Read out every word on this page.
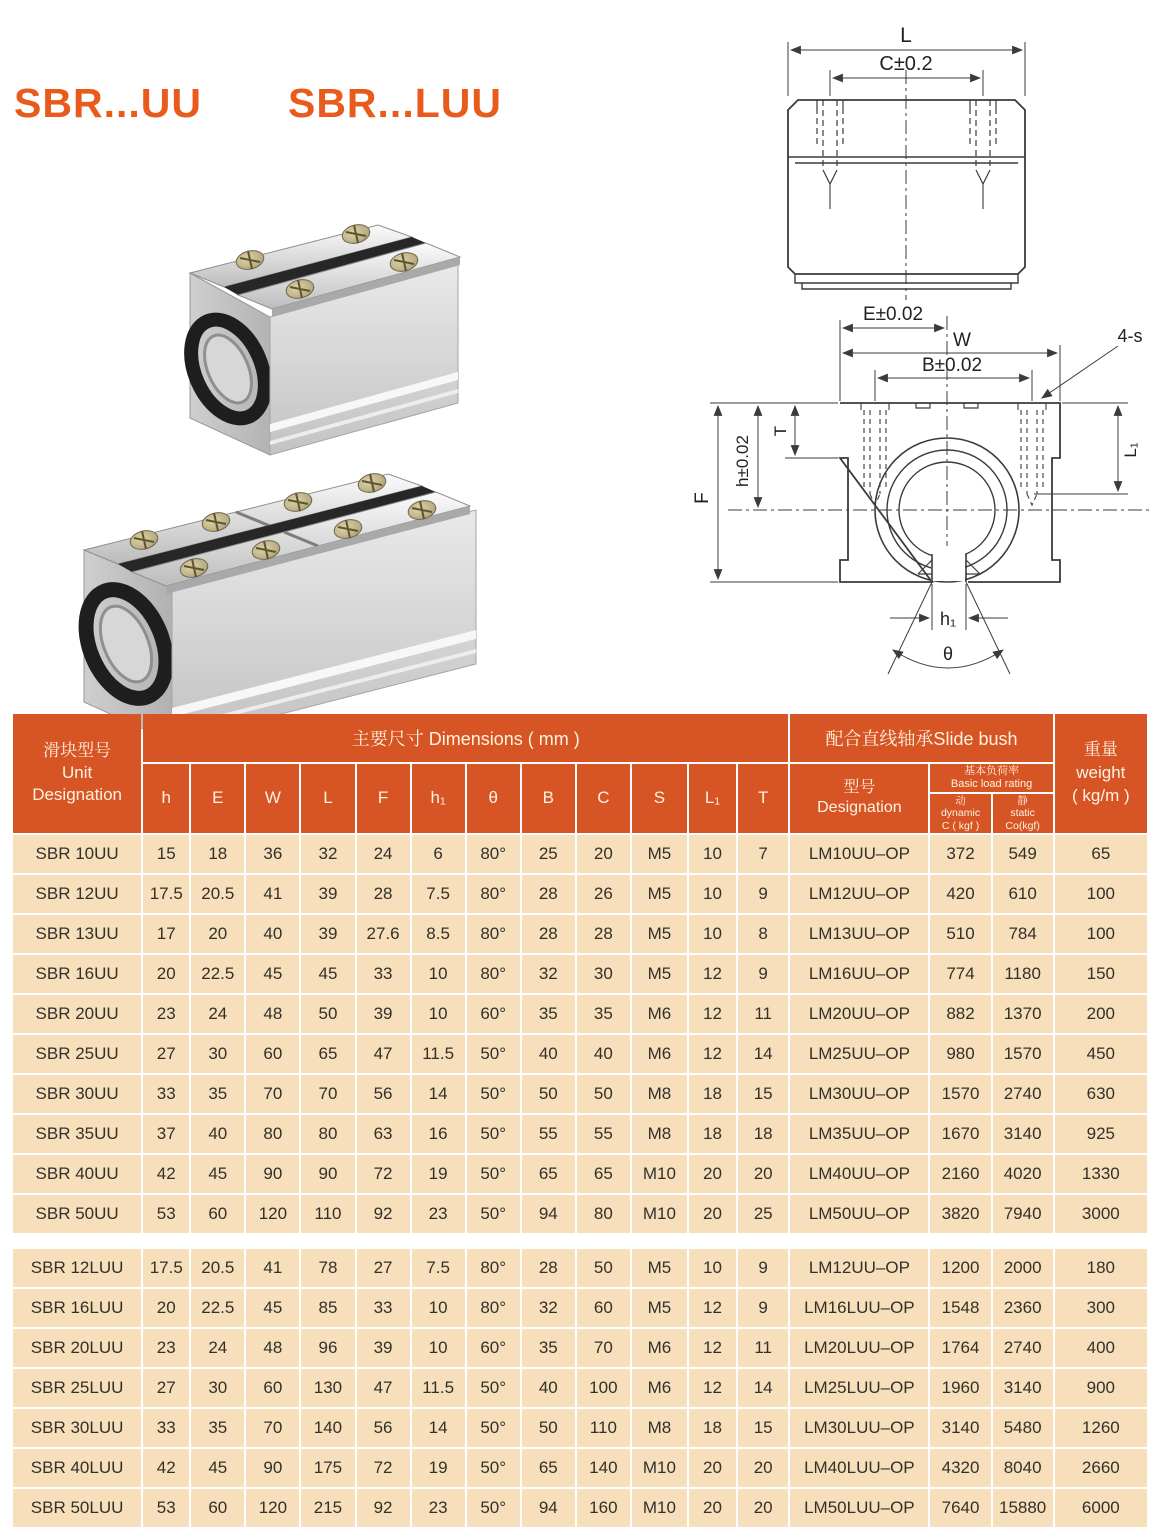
SBR...UU SBR...LUU
L
C±0.2
E±0.02
W
B±0.02
4-s
F
h±0.02
T
L₁
h₁
θ
滑块型号
Unit
Designation	主要尺寸 Dimensions ( mm )												配合直线轴承Slide bush			重量
weight
( kg/m )

	h	E	W	L	F	h₁	θ	B	C	S	L₁	T	型号
Designation	基本负荷率
Basic load rating		

														动
dynamic
C ( kgf )	静
static
Co(kgf)	

SBR 10UU	15	18	36	32	24	6	80°	25	20	M5	10	7	LM10UU–OP	372	549	65
SBR 12UU	17.5	20.5	41	39	28	7.5	80°	28	26	M5	10	9	LM12UU–OP	420	610	100
SBR 13UU	17	20	40	39	27.6	8.5	80°	28	28	M5	10	8	LM13UU–OP	510	784	100
SBR 16UU	20	22.5	45	45	33	10	80°	32	30	M5	12	9	LM16UU–OP	774	1180	150
SBR 20UU	23	24	48	50	39	10	60°	35	35	M6	12	11	LM20UU–OP	882	1370	200
SBR 25UU	27	30	60	65	47	11.5	50°	40	40	M6	12	14	LM25UU–OP	980	1570	450
SBR 30UU	33	35	70	70	56	14	50°	50	50	M8	18	15	LM30UU–OP	1570	2740	630
SBR 35UU	37	40	80	80	63	16	50°	55	55	M8	18	18	LM35UU–OP	1670	3140	925
SBR 40UU	42	45	90	90	72	19	50°	65	65	M10	20	20	LM40UU–OP	2160	4020	1330
SBR 50UU	53	60	120	110	92	23	50°	94	80	M10	20	25	LM50UU–OP	3820	7940	3000

SBR 12LUU	17.5	20.5	41	78	27	7.5	80°	28	50	M5	10	9	LM12UU–OP	1200	2000	180
SBR 16LUU	20	22.5	45	85	33	10	80°	32	60	M5	12	9	LM16LUU–OP	1548	2360	300
SBR 20LUU	23	24	48	96	39	10	60°	35	70	M6	12	11	LM20LUU–OP	1764	2740	400
SBR 25LUU	27	30	60	130	47	11.5	50°	40	100	M6	12	14	LM25LUU–OP	1960	3140	900
SBR 30LUU	33	35	70	140	56	14	50°	50	110	M8	18	15	LM30LUU–OP	3140	5480	1260
SBR 40LUU	42	45	90	175	72	19	50°	65	140	M10	20	20	LM40LUU–OP	4320	8040	2660
SBR 50LUU	53	60	120	215	92	23	50°	94	160	M10	20	20	LM50LUU–OP	7640	15880	6000
